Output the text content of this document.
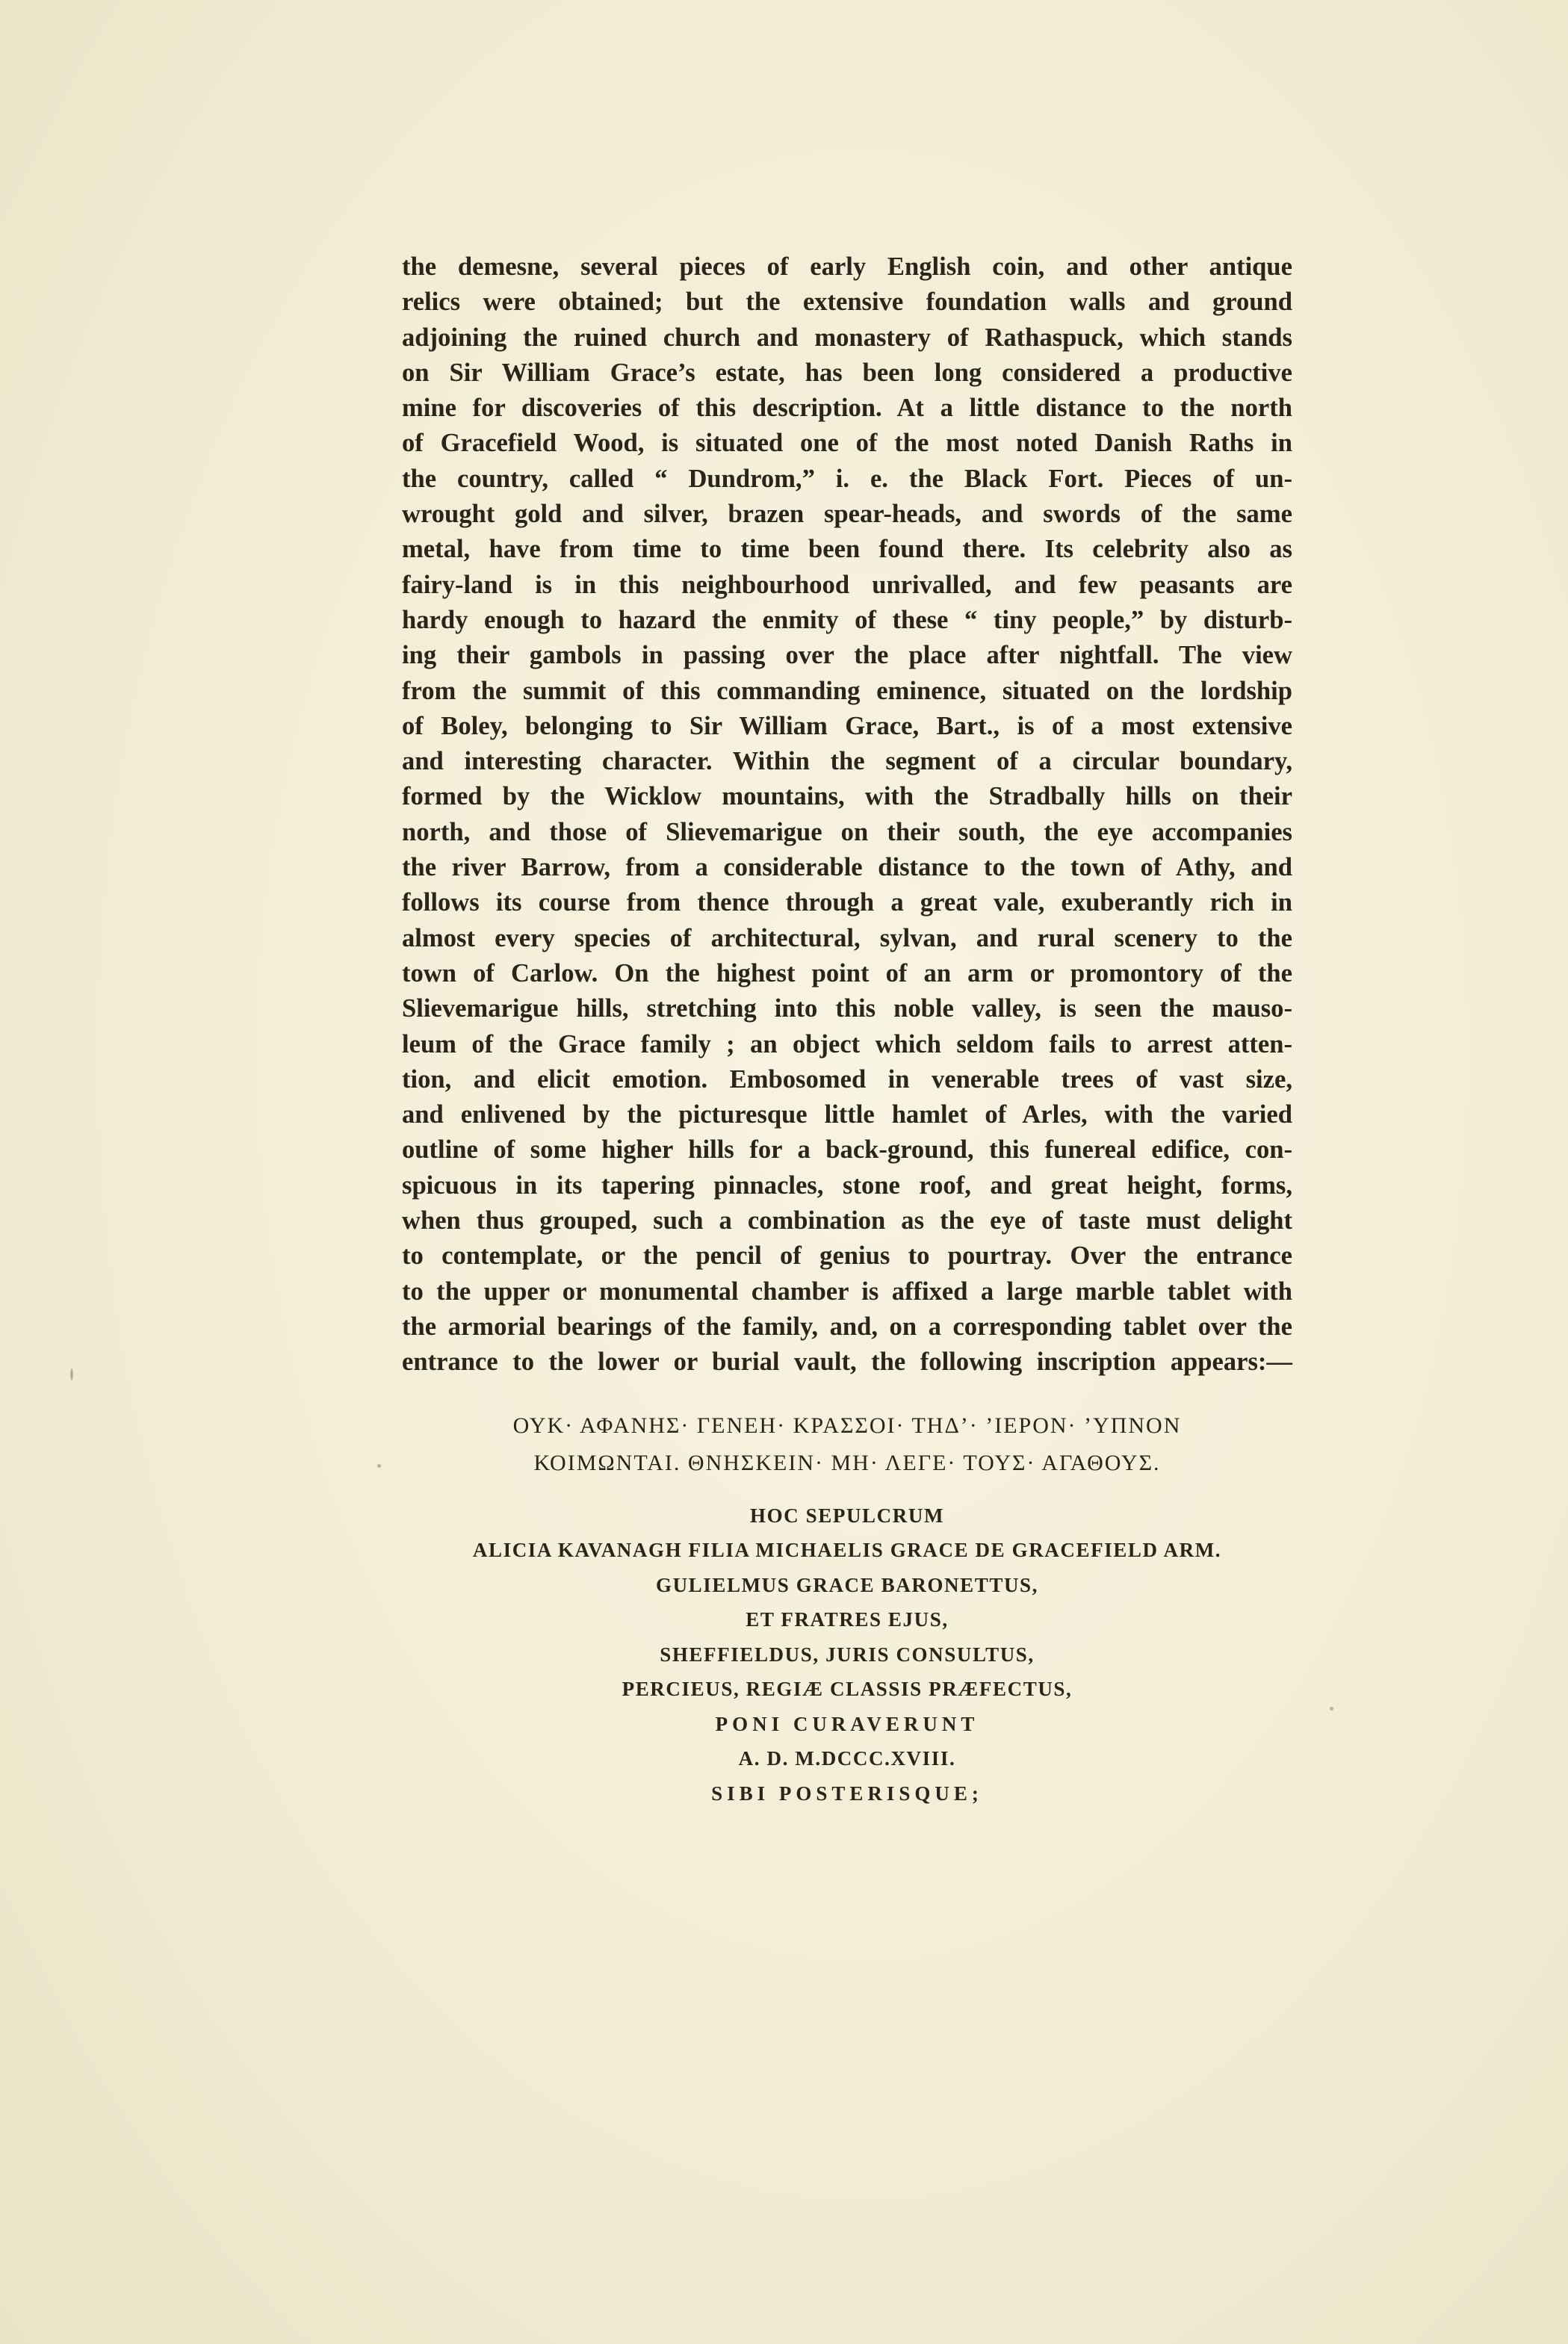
the demesne, several pieces of early English coin, and other antique
relics were obtained; but the extensive foundation walls and ground
adjoining the ruined church and monastery of Rathaspuck, which stands
on Sir William Grace’s estate, has been long considered a productive
mine for discoveries of this description. At a little distance to the north
of Gracefield Wood, is situated one of the most noted Danish Raths in
the country, called “ Dundrom,” i. e. the Black Fort. Pieces of un-
wrought gold and silver, brazen spear-heads, and swords of the same
metal, have from time to time been found there. Its celebrity also as
fairy-land is in this neighbourhood unrivalled, and few peasants are
hardy enough to hazard the enmity of these “ tiny people,” by disturb-
ing their gambols in passing over the place after nightfall. The view
from the summit of this commanding eminence, situated on the lordship
of Boley, belonging to Sir William Grace, Bart., is of a most extensive
and interesting character. Within the segment of a circular boundary,
formed by the Wicklow mountains, with the Stradbally hills on their
north, and those of Slievemarigue on their south, the eye accompanies
the river Barrow, from a considerable distance to the town of Athy, and
follows its course from thence through a great vale, exuberantly rich in
almost every species of architectural, sylvan, and rural scenery to the
town of Carlow. On the highest point of an arm or promontory of the
Slievemarigue hills, stretching into this noble valley, is seen the mauso-
leum of the Grace family ; an object which seldom fails to arrest atten-
tion, and elicit emotion. Embosomed in venerable trees of vast size,
and enlivened by the picturesque little hamlet of Arles, with the varied
outline of some higher hills for a back-ground, this funereal edifice, con-
spicuous in its tapering pinnacles, stone roof, and great height, forms,
when thus grouped, such a combination as the eye of taste must delight
to contemplate, or the pencil of genius to pourtray. Over the entrance
to the upper or monumental chamber is affixed a large marble tablet with
the armorial bearings of the family, and, on a corresponding tablet over the
entrance to the lower or burial vault, the following inscription appears:—
ΟΥΚ· ΑΦΑΝΗΣ· ΓΕΝΕΗ· ΚΡΑΣΣΟΙ· ΤΗΔ’· ’ΙΕΡΟΝ· ’ΥΠΝΟΝ
ΚΟΙΜΩΝΤΑΙ. ΘΝΗΣΚΕΙΝ· ΜΗ· ΛΕΓΕ· ΤΟΥΣ· ΑΓΑΘΟΥΣ.
HOC SEPULCRUM
ALICIA KAVANAGH FILIA MICHAELIS GRACE DE GRACEFIELD ARM.
GULIELMUS GRACE BARONETTUS,
ET FRATRES EJUS,
SHEFFIELDUS, JURIS CONSULTUS,
PERCIEUS, REGIÆ CLASSIS PRÆFECTUS,
PONI CURAVERUNT
A. D. M.DCCC.XVIII.
SIBI POSTERISQUE;
